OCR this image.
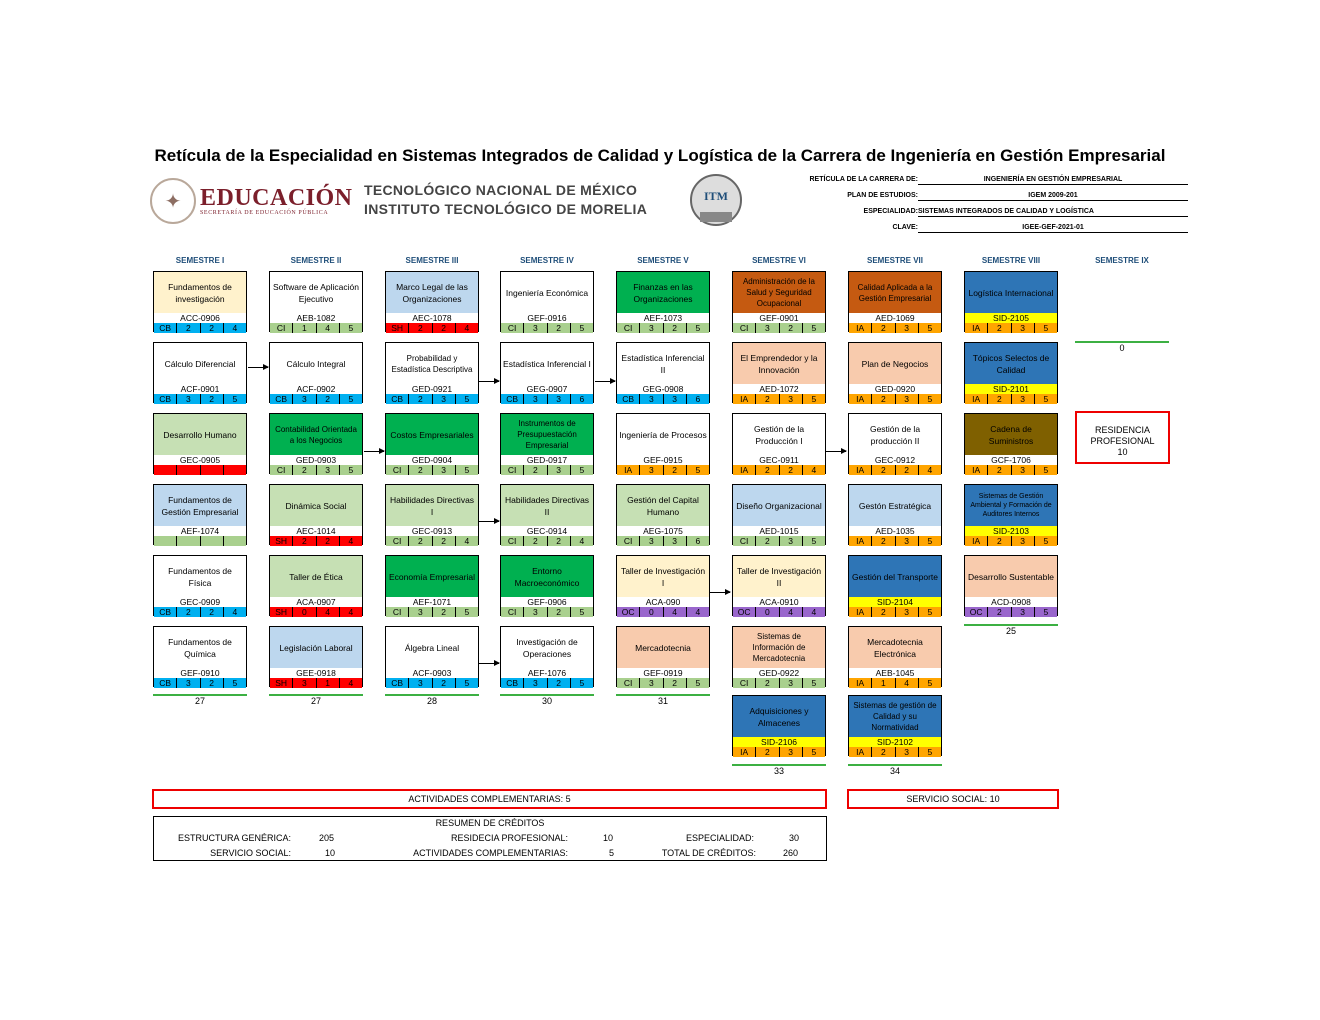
Retícula de la Especialidad en Sistemas Integrados de Calidad y Logística de la Carrera de Ingeniería en Gestión Empresarial
✦ EDUCACIÓN
SECRETARÍA DE EDUCACIÓN PÚBLICA
TECNOLÓGICO NACIONAL DE MÉXICO
INSTITUTO TECNOLÓGICO DE MORELIA
ITM
RETÍCULA DE LA CARRERA DE:	INGENIERÍA EN GESTIÓN EMPRESARIAL
PLAN DE ESTUDIOS:	IGEM 2009-201
ESPECIALIDAD: SISTEMAS INTEGRADOS DE CALIDAD Y LOGÍSTICA
CLAVE:	IGEE-GEF-2021-01
SEMESTRE I	SEMESTRE II	SEMESTRE III	SEMESTRE IV	SEMESTRE V	SEMESTRE VI	SEMESTRE VII	SEMESTRE VIII	SEMESTRE IX
Fundamentos de investigación
ACC-0906
CB	2	2	4
Cálculo Diferencial
ACF-0901
CB	3	2	5
Desarrollo Humano
GEC-0905
Fundamentos de Gestión Empresarial
AEF-1074
Fundamentos de Física
GEC-0909
CB	2	2	4
Fundamentos de Química
GEF-0910
CB	3	2	5
Software de Aplicación Ejecutivo
AEB-1082
CI	1	4	5
Cálculo Integral
ACF-0902
CB	3	2	5
Contabilidad Orientada a los Negocios
GED-0903
CI	2	3	5
Dinámica Social
AEC-1014
SH	2	2	4
Taller de Ética
ACA-0907
SH	0	4	4
Legislación Laboral
GEE-0918
SH	3	1	4
Marco Legal de las Organizaciones
AEC-1078
SH	2	2	4
Probabilidad y Estadística Descriptiva
GED-0921
CB	2	3	5
Costos Empresariales
GED-0904
CI	2	3	5
Habilidades Directivas I
GEC-0913
CI	2	2	4
Economía Empresarial
AEF-1071
CI	3	2	5
Álgebra Lineal
ACF-0903
CB	3	2	5
Ingeniería Económica
GEF-0916
CI	3	2	5
Estadística Inferencial I
GEG-0907
CB	3	3	6
Instrumentos de Presupuestación Empresarial
GED-0917
CI	2	3	5
Habilidades Directivas II
GEC-0914
CI	2	2	4
Entorno Macroeconómico
GEF-0906
CI	3	2	5
Investigación de Operaciones
AEF-1076
CB	3	2	5
Finanzas en las Organizaciones
AEF-1073
CI	3	2	5
Estadística Inferencial II
GEG-0908
CB	3	3	6
Ingeniería de Procesos
GEF-0915
IA	3	2	5
Gestión del Capital Humano
AEG-1075
CI	3	3	6
Taller de Investigación I
ACA-090
OC	0	4	4
Mercadotecnia
GEF-0919
CI	3	2	5
Administración de la Salud y Seguridad Ocupacional
GEF-0901
CI	3	2	5
El Emprendedor y la Innovación
AED-1072
IA	2	3	5
Gestión de la Producción I
GEC-0911
IA	2	2	4
Diseño Organizacional
AED-1015
CI	2	3	5
Taller de Investigación II
ACA-0910
OC	0	4	4
Sistemas de Información de Mercadotecnia
GED-0922
CI	2	3	5
Adquisiciones y Almacenes
SID-2106
IA	2	3	5
Calidad Aplicada a la Gestión Empresarial
AED-1069
IA	2	3	5
Plan de Negocios
GED-0920
IA	2	3	5
Gestión de la producción II
GEC-0912
IA	2	2	4
Gestón Estratégica
AED-1035
IA	2	3	5
Gestión del Transporte
SID-2104
IA	2	3	5
Mercadotecnia Electrónica
AEB-1045
IA	1	4	5
Sistemas de gestión de Calidad y su Normatividad
SID-2102
IA	2	3	5
Logística Internacional
SID-2105
IA	2	3	5
Tópicos Selectos de Calidad
SID-2101
IA	2	3	5
Cadena de Suministros
GCF-1706
IA	2	3	5
Sistemas de Gestión Ambiental y Formación de Auditores Internos
SID-2103
IA	2	3	5
Desarrollo Sustentable
ACD-0908
OC	2	3	5
27	27	28	30	31
33	34
25
0
RESIDENCIA PROFESIONAL
10
ACTIVIDADES COMPLEMENTARIAS: 5	SERVICIO SOCIAL: 10
RESUMEN DE CRÉDITOS
ESTRUCTURA GENÉRICA:	205	RESIDECIA PROFESIONAL:	10	ESPECIALIDAD:	30
SERVICIO SOCIAL:	10	ACTIVIDADES COMPLEMENTARIAS:	5	TOTAL DE CRÉDITOS:	260
